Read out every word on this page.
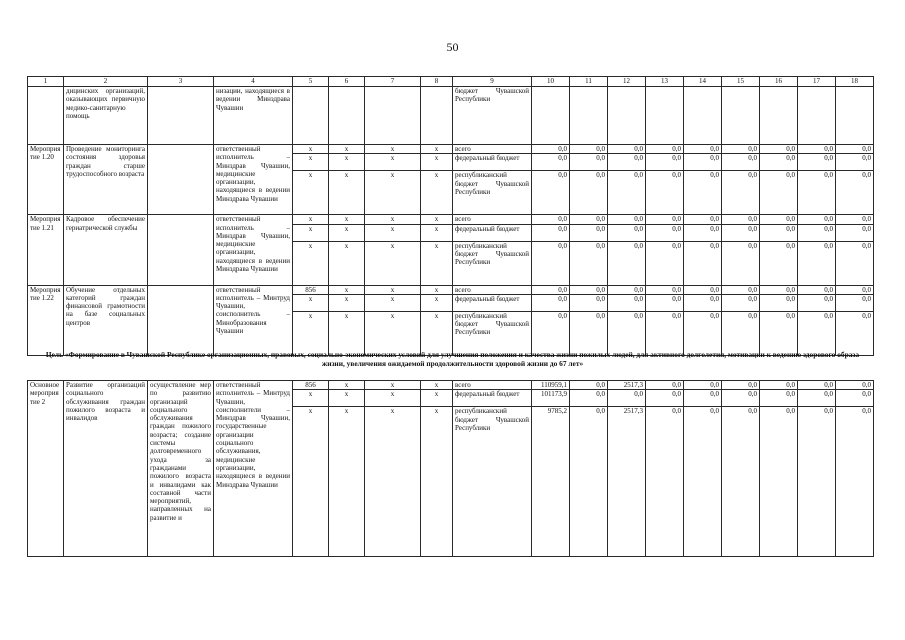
50
1	2	3	4	5	6	7	8	9	10	11	12	13	14	15	16	17	18
	дицинских организаций, оказывающих первичную медико-санитарную помощь		низации, находящиеся в ведении Минздрава Чувашии					бюджет Чувашской Республики									
Мероприятие 1.20	Проведение мониторинга состояния здоровья граждан старше трудоспособного возраста		ответственный исполнитель – Минздрав Чувашии, медицинские организации, находящиеся в ведении Минздрава Чувашии	x	x	x	x	всего	0,0	0,0	0,0	0,0	0,0	0,0	0,0	0,0	0,0
				x	x	x	x	федеральный бюджет	0,0	0,0	0,0	0,0	0,0	0,0	0,0	0,0	0,0
				x	x	x	x	республиканский бюджет Чувашской Республики	0,0	0,0	0,0	0,0	0,0	0,0	0,0	0,0	0,0
Мероприятие 1.21	Кадровое обеспечение гериатрической службы		ответственный исполнитель – Минздрав Чувашии, медицинские организации, находящиеся в ведении Минздрава Чувашии	x	x	x	x	всего	0,0	0,0	0,0	0,0	0,0	0,0	0,0	0,0	0,0
				x	x	x	x	федеральный бюджет	0,0	0,0	0,0	0,0	0,0	0,0	0,0	0,0	0,0
				x	x	x	x	республиканский бюджет Чувашской Республики	0,0	0,0	0,0	0,0	0,0	0,0	0,0	0,0	0,0
Мероприятие 1.22	Обучение отдельных категорий граждан финансовой грамотности на базе социальных центров		ответственный исполнитель – Минтруд Чувашии, соисполнитель – Минобразования Чувашии	856	x	x	x	всего	0,0	0,0	0,0	0,0	0,0	0,0	0,0	0,0	0,0
				x	x	x	x	федеральный бюджет	0,0	0,0	0,0	0,0	0,0	0,0	0,0	0,0	0,0
				x	x	x	x	республиканский бюджет Чувашской Республики	0,0	0,0	0,0	0,0	0,0	0,0	0,0	0,0	0,0
Цель «Формирование в Чувашской Республике организационных, правовых, социально-экономических условий для улучшения положения и качества жизни пожилых людей, для активного долголетия, мотивации к ведению здорового образа жизни, увеличения ожидаемой продолжительности здоровой жизни до 67 лет»
Основное мероприятие 2	Развитие организаций социального обслуживания граждан пожилого возраста и инвалидов	осуществление мер по развитию организаций социального обслуживания граждан пожилого возраста; создание системы долговременного ухода за гражданами пожилого возраста и инвалидами как составной части мероприятий, направленных на развитие и	ответственный исполнитель – Минтруд Чувашии, соисполнители – Минздрав Чувашии, государственные организации социального обслуживания, медицинские организации, находящиеся в ведении Минздрава Чувашии	856	x	x	x	всего	110959,1	0,0	2517,3	0,0	0,0	0,0	0,0	0,0	0,0
				x	x	x	x	федеральный бюджет	101173,9	0,0	0,0	0,0	0,0	0,0	0,0	0,0	0,0
				x	x	x	x	республиканский бюджет Чувашской Республики	9785,2	0,0	2517,3	0,0	0,0	0,0	0,0	0,0	0,0
